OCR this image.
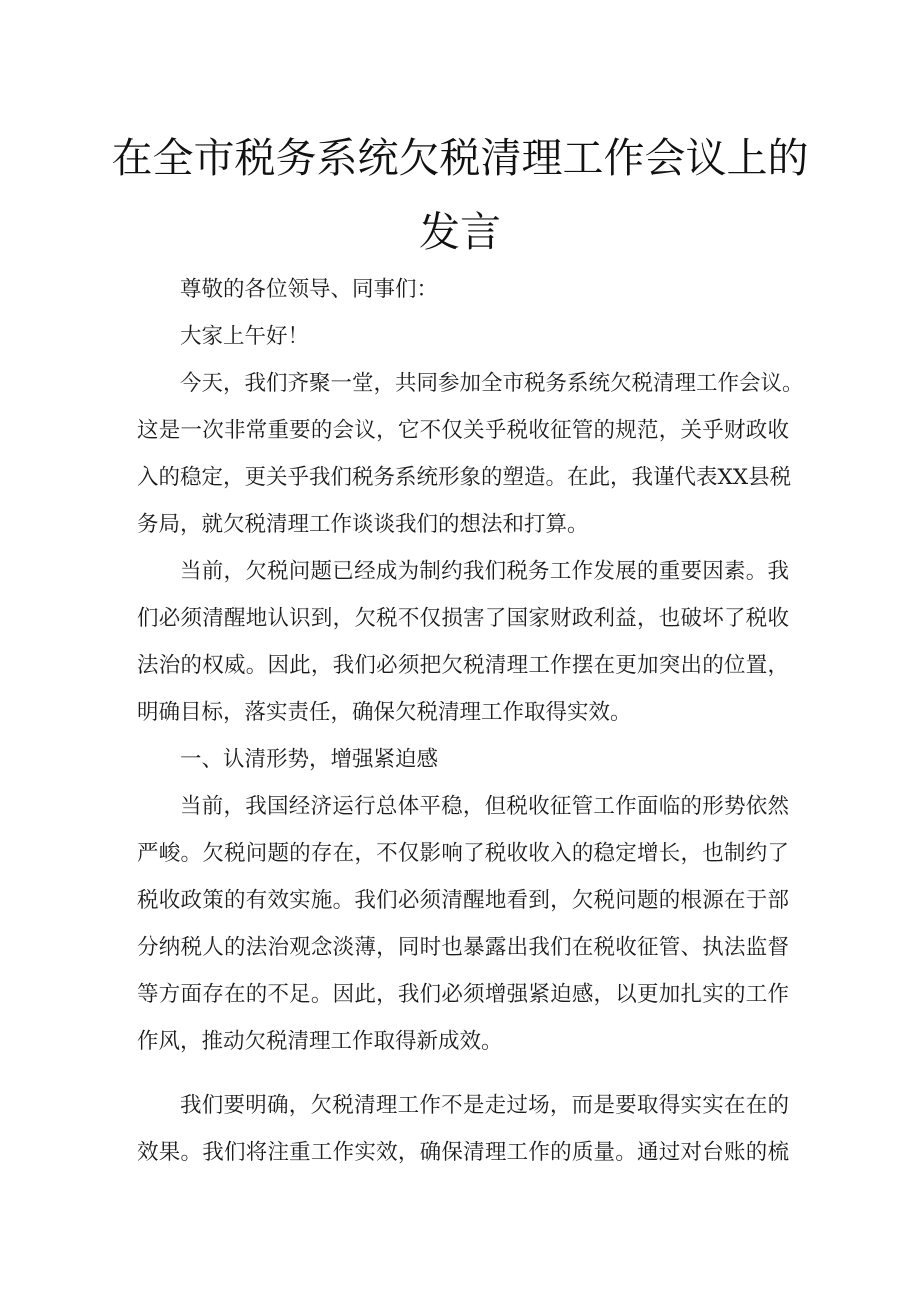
在全市税务系统欠税清理工作会议上的
发言
尊敬的各位领导、同事们：
大家上午好！
今天，我们齐聚一堂，共同参加全市税务系统欠税清理工作会议。
这是一次非常重要的会议，它不仅关乎税收征管的规范，关乎财政收
入的稳定，更关乎我们税务系统形象的塑造。在此，我谨代表XX县税
务局，就欠税清理工作谈谈我们的想法和打算。
当前，欠税问题已经成为制约我们税务工作发展的重要因素。我
们必须清醒地认识到，欠税不仅损害了国家财政利益，也破坏了税收
法治的权威。因此，我们必须把欠税清理工作摆在更加突出的位置，
明确目标，落实责任，确保欠税清理工作取得实效。
一、认清形势，增强紧迫感
当前，我国经济运行总体平稳，但税收征管工作面临的形势依然
严峻。欠税问题的存在，不仅影响了税收收入的稳定增长，也制约了
税收政策的有效实施。我们必须清醒地看到，欠税问题的根源在于部
分纳税人的法治观念淡薄，同时也暴露出我们在税收征管、执法监督
等方面存在的不足。因此，我们必须增强紧迫感，以更加扎实的工作
作风，推动欠税清理工作取得新成效。
我们要明确，欠税清理工作不是走过场，而是要取得实实在在的
效果。我们将注重工作实效，确保清理工作的质量。通过对台账的梳
